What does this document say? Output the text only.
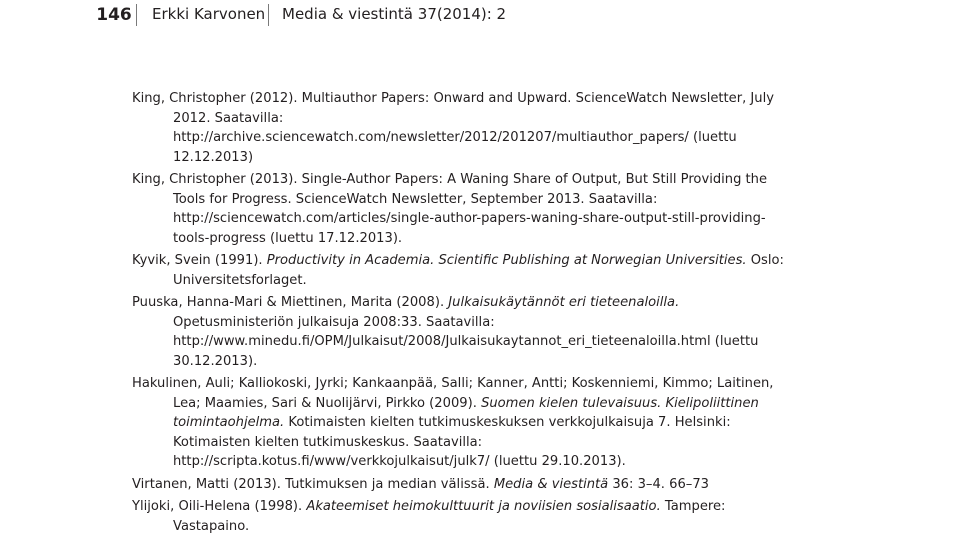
146 Erkki Karvonen Media & viestintä 37(2014): 2

King, Christopher (2012). Multiauthor Papers: Onward and Upward. ScienceWatch Newsletter, July 2012. Saatavilla: http://archive.sciencewatch.com/newsletter/2012/201207/multiauthor_papers/ (luettu 12.12.2013)

King, Christopher (2013). Single-Author Papers: A Waning Share of Output, But Still Providing the Tools for Progress. ScienceWatch Newsletter, September 2013. Saatavilla: http://sciencewatch.com/articles/single-author-papers-waning-share-output-still-providing-tools-progress (luettu 17.12.2013).

Kyvik, Svein (1991). Productivity in Academia. Scientific Publishing at Norwegian Universities. Oslo: Universitetsforlaget.

Puuska, Hanna-Mari & Miettinen, Marita (2008). Julkaisukäytännöt eri tieteenaloilla. Opetusministeriön julkaisuja 2008:33. Saatavilla: http://www.minedu.fi/OPM/Julkaisut/2008/Julkaisukaytannot_eri_tieteenaloilla.html (luettu 30.12.2013).

Hakulinen, Auli; Kalliokoski, Jyrki; Kankaanpää, Salli; Kanner, Antti; Koskenniemi, Kimmo; Laitinen, Lea; Maamies, Sari & Nuolijärvi, Pirkko (2009). Suomen kielen tulevaisuus. Kielipoliittinen toimintaohjelma. Kotimaisten kielten tutkimuskeskuksen verkkojulkaisuja 7. Helsinki: Kotimaisten kielten tutkimuskeskus. Saatavilla: http://scripta.kotus.fi/www/verkkojulkaisut/julk7/ (luettu 29.10.2013).

Virtanen, Matti (2013). Tutkimuksen ja median välissä. Media & viestintä 36: 3–4. 66–73

Ylijoki, Oili-Helena (1998). Akateemiset heimokulttuurit ja noviisien sosialisaatio. Tampere: Vastapaino.
